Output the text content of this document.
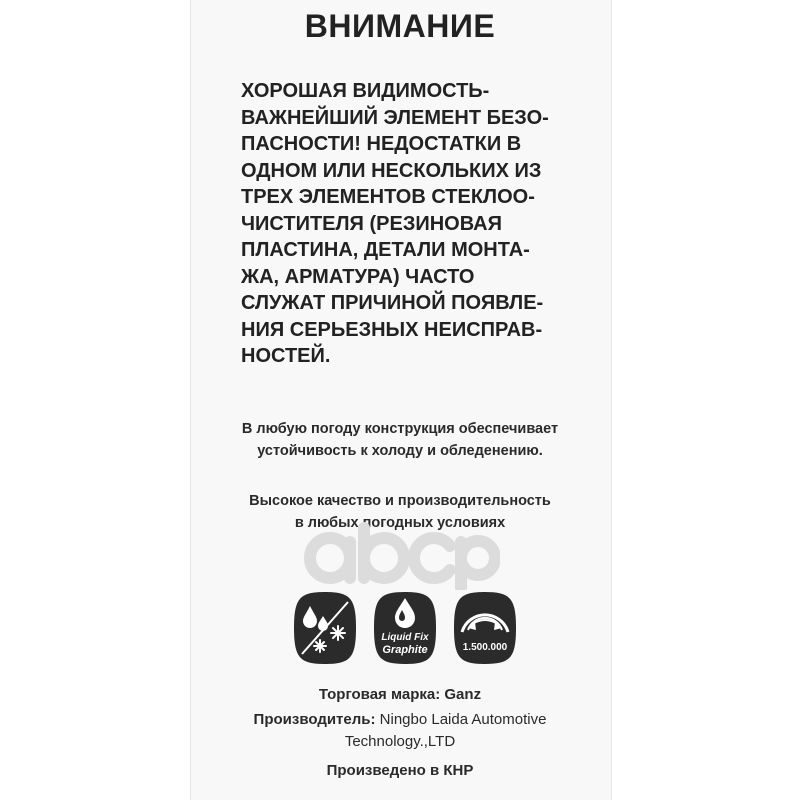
ВНИМАНИЕ
ХОРОШАЯ ВИДИМОСТЬ-
ВАЖНЕЙШИЙ ЭЛЕМЕНТ БЕЗО-
ПАСНОСТИ! НЕДОСТАТКИ В
ОДНОМ ИЛИ НЕСКОЛЬКИХ ИЗ
ТРЕХ ЭЛЕМЕНТОВ СТЕКЛОО-
ЧИСТИТЕЛЯ (РЕЗИНОВАЯ
ПЛАСТИНА, ДЕТАЛИ МОНТА-
ЖА, АРМАТУРА) ЧАСТО
СЛУЖАТ ПРИЧИНОЙ ПОЯВЛЕ-
НИЯ СЕРЬЕЗНЫХ НЕИСПРАВ-
НОСТЕЙ.
В любую погоду конструкция обеспечивает
устойчивость к холоду и обледенению.
Высокое качество и производительность
в любых погодных условиях
Liquid Fix
Graphite	1.500.000
Торговая марка: Ganz
Производитель: Ningbo Laida Automotive
Technology.,LTD
Произведено в КНР
